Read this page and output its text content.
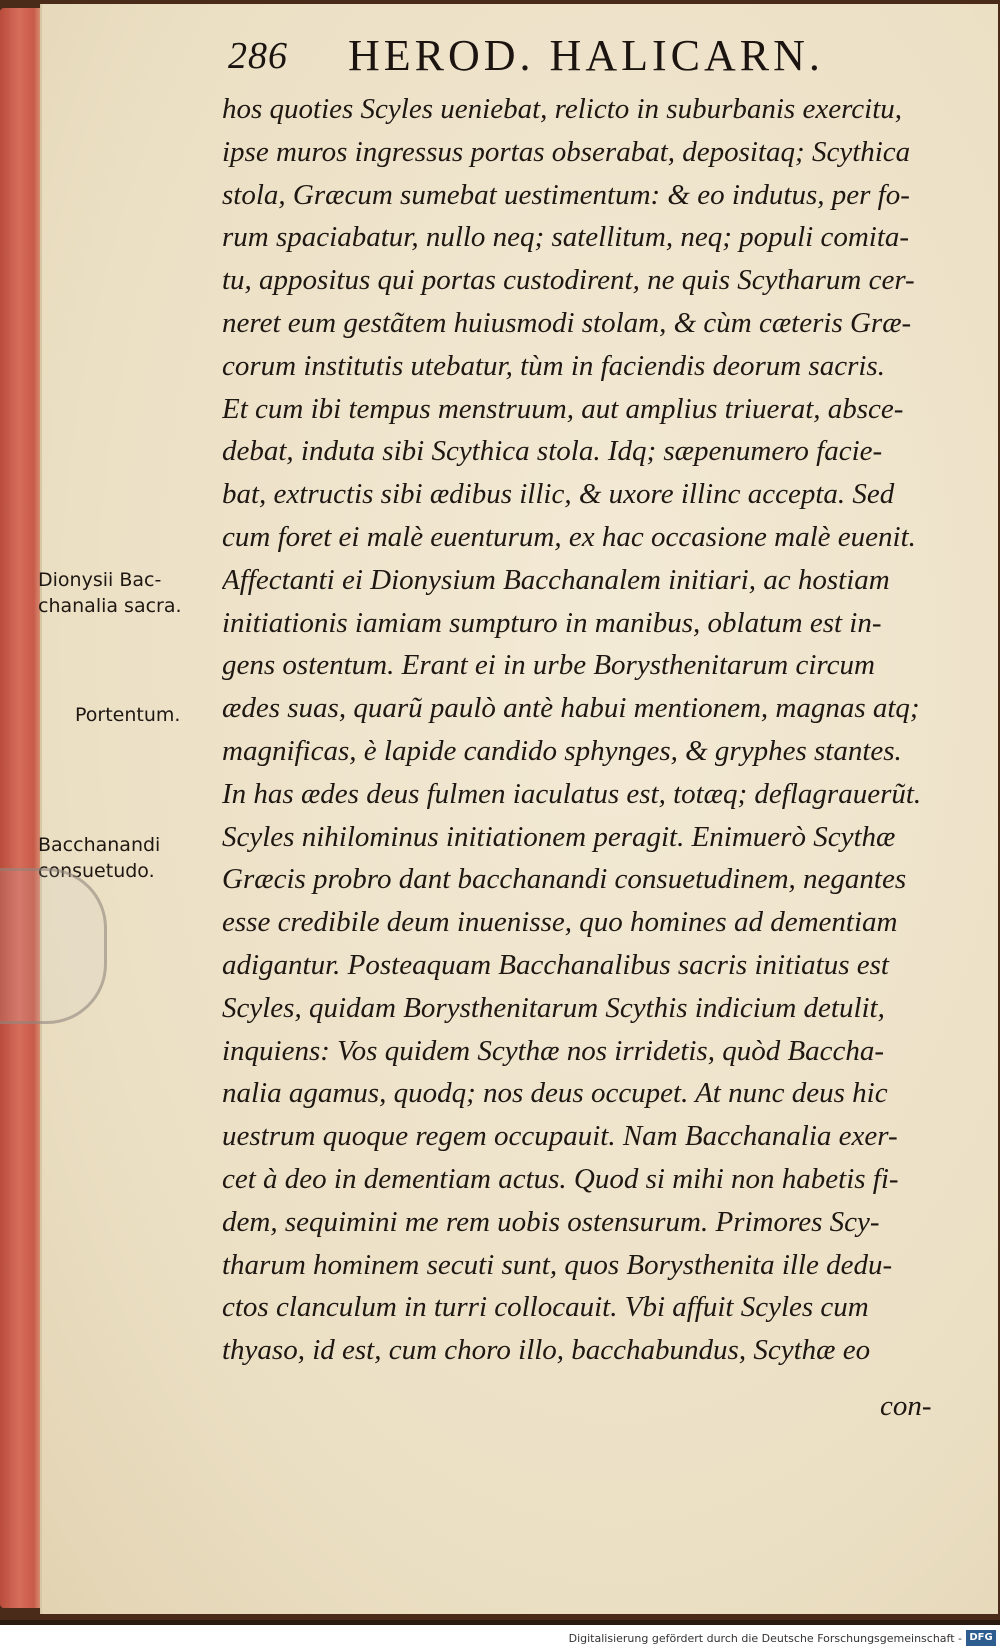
286 HEROD. HALICARN.
hos quoties Scyles ueniebat, relicto in suburbanis exercitu,
ipse muros ingressus portas obserabat, depositaq; Scythica
stola, Græcum sumebat uestimentum: & eo indutus, per fo-
rum spaciabatur, nullo neq; satellitum, neq; populi comita-
tu, appositus qui portas custodirent, ne quis Scytharum cer-
neret eum gestãtem huiusmodi stolam, & cùm cæteris Græ-
corum institutis utebatur, tùm in faciendis deorum sacris.
Et cum ibi tempus menstruum, aut amplius triuerat, absce-
debat, induta sibi Scythica stola. Idq; sæpenumero facie-
bat, extructis sibi ædibus illic, & uxore illinc accepta. Sed
cum foret ei malè euenturum, ex hac occasione malè euenit.
Affectanti ei Dionysium Bacchanalem initiari, ac hostiam
initiationis iamiam sumpturo in manibus, oblatum est in-
gens ostentum. Erant ei in urbe Borysthenitarum circum
ædes suas, quarũ paulò antè habui mentionem, magnas atq;
magnificas, è lapide candido sphynges, & gryphes stantes.
In has ædes deus fulmen iaculatus est, totæq; deflagrauerũt.
Scyles nihilominus initiationem peragit. Enimuerò Scythæ
Græcis probro dant bacchanandi consuetudinem, negantes
esse credibile deum inuenisse, quo homines ad dementiam
adigantur. Posteaquam Bacchanalibus sacris initiatus est
Scyles, quidam Borysthenitarum Scythis indicium detulit,
inquiens: Vos quidem Scythæ nos irridetis, quòd Baccha-
nalia agamus, quodq; nos deus occupet. At nunc deus hic
uestrum quoque regem occupauit. Nam Bacchanalia exer-
cet à deo in dementiam actus. Quod si mihi non habetis fi-
dem, sequimini me rem uobis ostensurum. Primores Scy-
tharum hominem secuti sunt, quos Borysthenita ille dedu-
ctos clanculum in turri collocauit. Vbi affuit Scyles cum
thyaso, id est, cum choro illo, bacchabundus, Scythæ eo
con-
Dionysii Bac-
chanalia sacra.
Portentum.
Bacchanandi
consuetudo.
Digitalisierung gefördert durch die Deutsche Forschungsgemeinschaft - DFG
